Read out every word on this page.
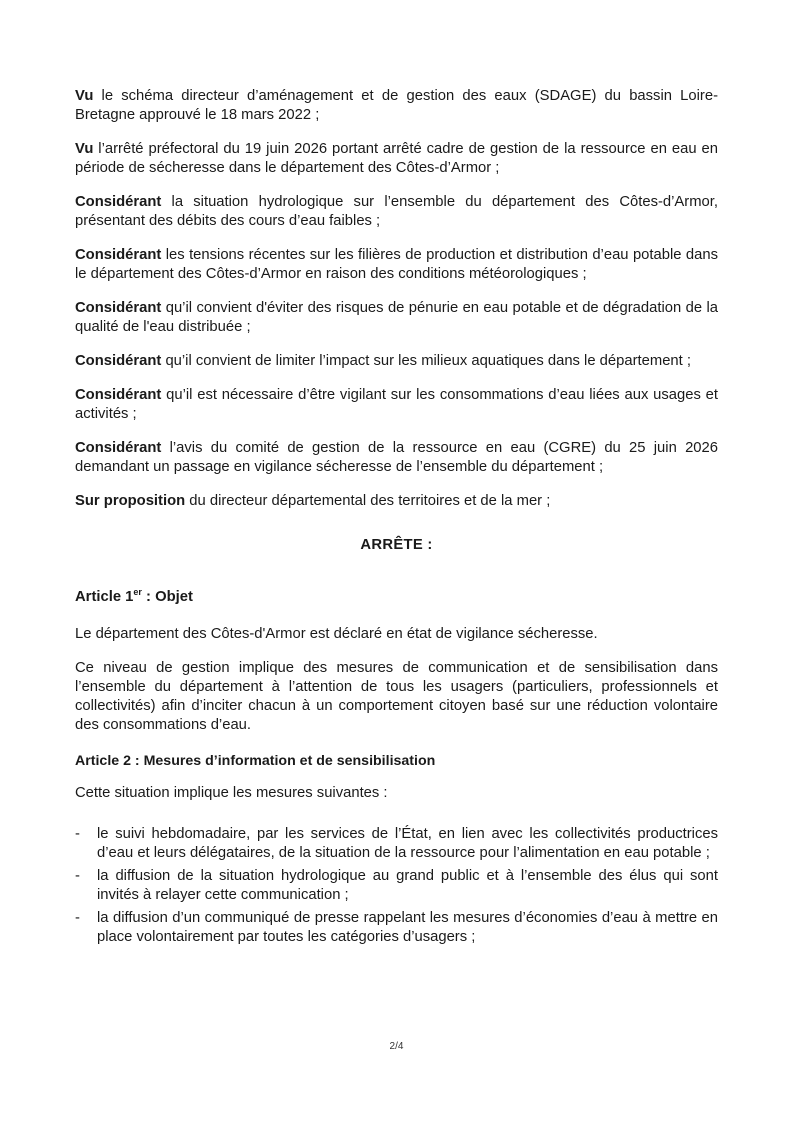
Vu le schéma directeur d’aménagement et de gestion des eaux (SDAGE) du bassin Loire-Bretagne approuvé le 18 mars 2022 ;

Vu l’arrêté préfectoral du 19 juin 2026 portant arrêté cadre de gestion de la ressource en eau en période de sécheresse dans le département des Côtes-d’Armor ;

Considérant la situation hydrologique sur l’ensemble du département des Côtes-d’Armor, présentant des débits des cours d’eau faibles ;

Considérant les tensions récentes sur les filières de production et distribution d’eau potable dans le département des Côtes-d’Armor en raison des conditions météorologiques ;

Considérant qu’il convient d'éviter des risques de pénurie en eau potable et de dégradation de la qualité de l'eau distribuée ;

Considérant qu’il convient de limiter l’impact sur les milieux aquatiques dans le département ;

Considérant qu’il est nécessaire d’être vigilant sur les consommations d’eau liées aux usages et activités ;

Considérant l’avis du comité de gestion de la ressource en eau (CGRE) du 25 juin 2026 demandant un passage en vigilance sécheresse de l’ensemble du département ;

Sur proposition du directeur départemental des territoires et de la mer ;

ARRÊTE :
Article 1er : Objet

Le département des Côtes-d'Armor est déclaré en état de vigilance sécheresse.

Ce niveau de gestion implique des mesures de communication et de sensibilisation dans l’ensemble du département à l’attention de tous les usagers (particuliers, professionnels et collectivités) afin d’inciter chacun à un comportement citoyen basé sur une réduction volontaire des consommations d’eau.

Article 2 : Mesures d’information et de sensibilisation

Cette situation implique les mesures suivantes :

- le suivi hebdomadaire, par les services de l’État, en lien avec les collectivités productrices d’eau et leurs délégataires, de la situation de la ressource pour l’alimentation en eau potable ;
- la diffusion de la situation hydrologique au grand public et à l’ensemble des élus qui sont invités à relayer cette communication ;
- la diffusion d’un communiqué de presse rappelant les mesures d’économies d’eau à mettre en place volontairement par toutes les catégories d’usagers ;
2/4
